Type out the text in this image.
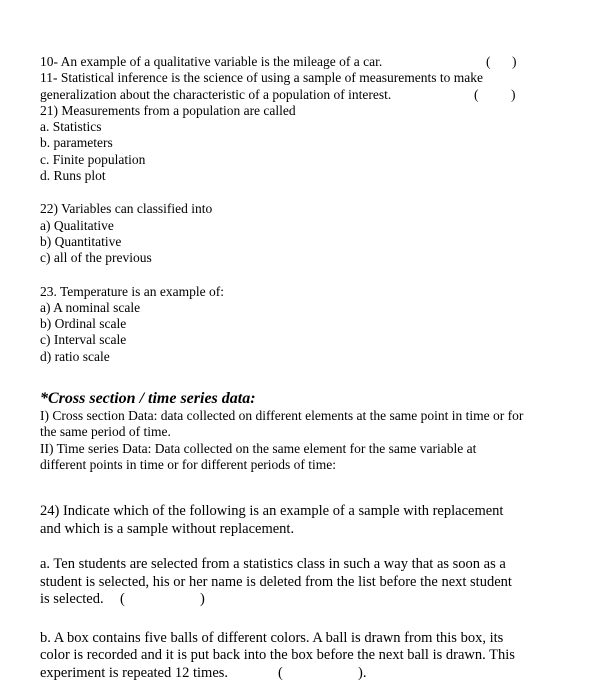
10- An example of a qualitative variable is the mileage of a car.	( )
11- Statistical inference is the science of using a sample of measurements to make
generalization about the characteristic of a population of interest.	( )
21) Measurements from a population are called
a. Statistics
b. parameters
c. Finite population
d. Runs plot
22) Variables can classified into
a) Qualitative
b) Quantitative
c) all of the previous
23. Temperature is an example of:
a) A nominal scale
b) Ordinal scale
c) Interval scale
d) ratio scale
*Cross section / time series data:
I) Cross section Data: data collected on different elements at the same point in time or for
the same period of time.
II) Time series Data: Data collected on the same element for the same variable at
different points in time or for different periods of time:
24) Indicate which of the following is an example of a sample with replacement
and which is a sample without replacement.
a. Ten students are selected from a statistics class in such a way that as soon as a
student is selected, his or her name is deleted from the list before the next student
is selected. (	)
b. A box contains five balls of different colors. A ball is drawn from this box, its
color is recorded and it is put back into the box before the next ball is drawn. This
experiment is repeated 12 times.	(	).
